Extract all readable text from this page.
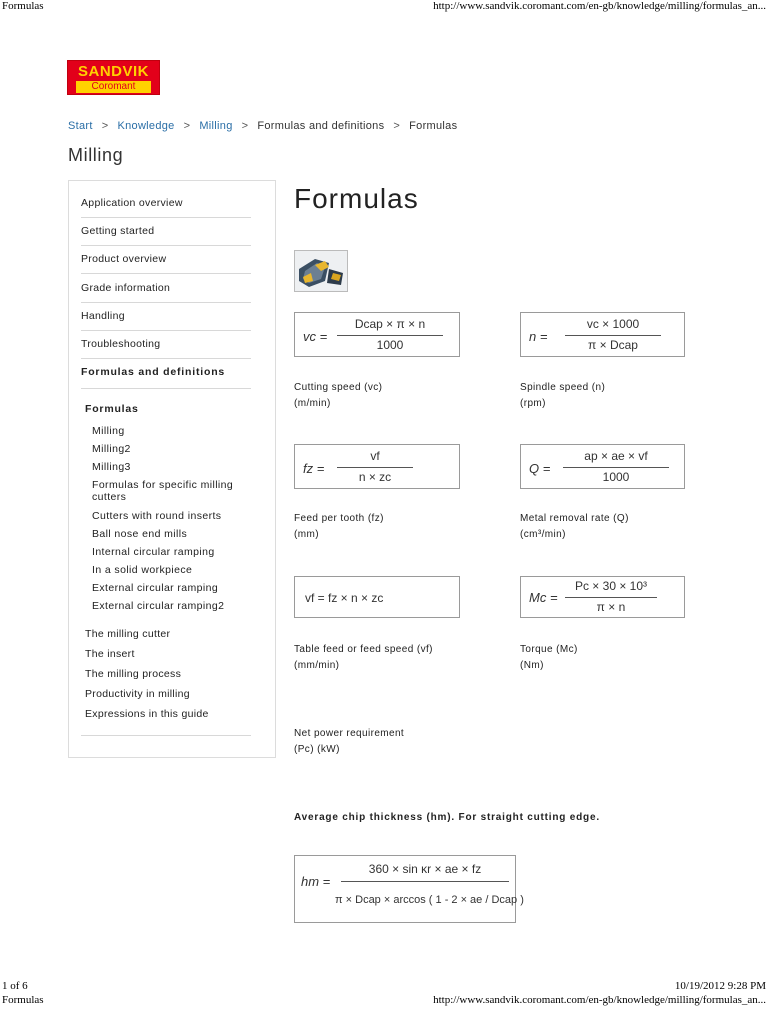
Formulas	http://www.sandvik.coromant.com/en-gb/knowledge/milling/formulas_an...
SANDVIK
Coromant
Start > Knowledge > Milling > Formulas and definitions > Formulas
Milling
Application overview
Getting started
Product overview
Grade information
Handling
Troubleshooting
Formulas and definitions
Formulas
Milling
Milling2
Milling3
Formulas for specific milling cutters
Cutters with round inserts
Ball nose end mills
Internal circular ramping
In a solid workpiece
External circular ramping
External circular ramping2
The milling cutter
The insert
The milling process
Productivity in milling
Expressions in this guide
Formulas
vc =
Dcap × π × n
1000
n =
vc × 1000
π × Dcap
Cutting speed (vc)
(m/min)
Spindle speed (n)
(rpm)
fz =
vf
n × zc
Q =
ap × ae × vf
1000
Feed per tooth (fz)
(mm)
Metal removal rate (Q)
(cm³/min)
vf = fz × n × zc	Mc =
Pc × 30 × 10³
π × n
Table feed or feed speed (vf)
(mm/min)
Torque (Mc)
(Nm)
Net power requirement
(Pc) (kW)
Average chip thickness (hm). For straight cutting edge.
hm =
360 × sin κr × ae × fz
π × Dcap × arccos ( 1 - 2 × ae / Dcap )
1 of 6	10/19/2012 9:28 PM
Formulas	http://www.sandvik.coromant.com/en-gb/knowledge/milling/formulas_an...
